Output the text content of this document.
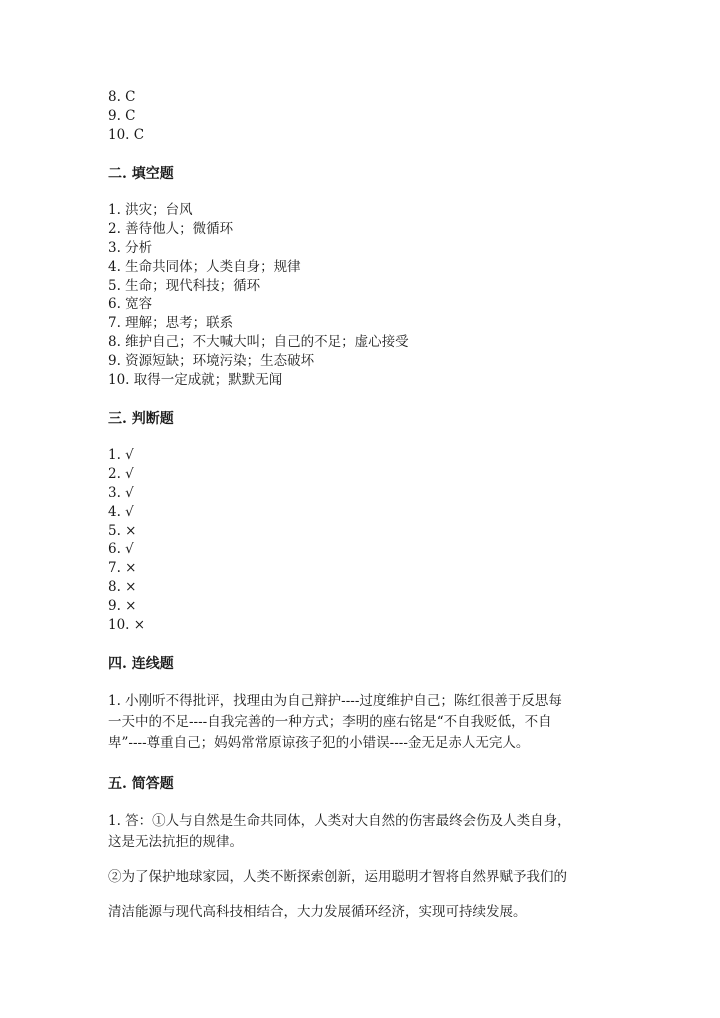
8. C
9. C
10. C
二. 填空题
1. 洪灾；台风
2. 善待他人；微循环
3. 分析
4. 生命共同体；人类自身；规律
5. 生命；现代科技；循环
6. 宽容
7. 理解；思考；联系
8. 维护自己；不大喊大叫；自己的不足；虚心接受
9. 资源短缺；环境污染；生态破坏
10. 取得一定成就；默默无闻
三. 判断题
1. √
2. √
3. √
4. √
5. ×
6. √
7. ×
8. ×
9. ×
10. ×
四. 连线题
1. 小刚听不得批评，找理由为自己辩护----过度维护自己；陈红很善于反思每
一天中的不足----自我完善的一种方式；李明的座右铭是“不自我贬低，不自
卑”----尊重自己；妈妈常常原谅孩子犯的小错误----金无足赤人无完人。
五. 简答题
1. 答：①人与自然是生命共同体，人类对大自然的伤害最终会伤及人类自身，
这是无法抗拒的规律。
②为了保护地球家园，人类不断探索创新，运用聪明才智将自然界赋予我们的
清洁能源与现代高科技相结合，大力发展循环经济，实现可持续发展。
